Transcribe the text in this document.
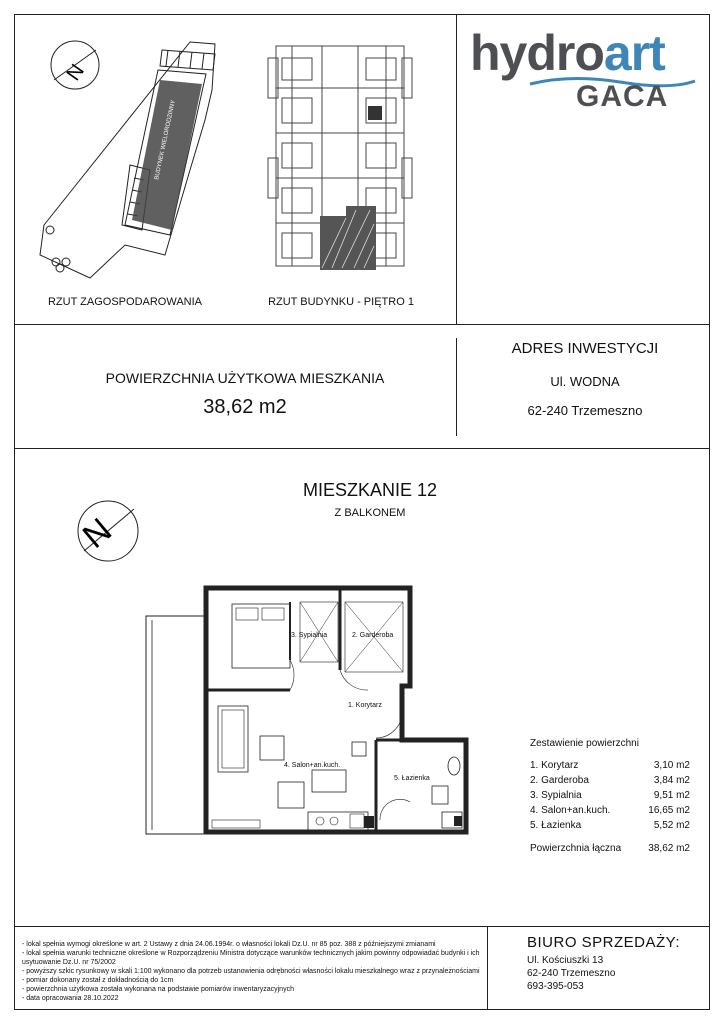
hydroart
GACA
N
BUDYNEK WIELORODZINNY
RZUT ZAGOSPODAROWANIA	RZUT BUDYNKU - PIĘTRO 1
POWIERZCHNIA UŻYTKOWA MIESZKANIA
38,62 m2
ADRES INWESTYCJI
Ul. WODNA
62-240 Trzemeszno
MIESZKANIE 12
Z BALKONEM
N
3. Sypialnia	2. Garderoba
1. Korytarz
4. Salon+an.kuch.
5. Łazienka
Zestawienie powierzchni
1. Korytarz	3,10 m2
2. Garderoba	3,84 m2
3. Sypialnia	9,51 m2
4. Salon+an.kuch.	16,65 m2
5. Łazienka	5,52 m2
Powierzchnia łączna	38,62 m2
- lokal spełnia wymogi określone w art. 2 Ustawy z dnia 24.06.1994r. o własności lokali Dz.U. nr 85 poz. 388 z późniejszymi zmianami
- lokal spełnia warunki techniczne określone w Rozporządzeniu Ministra dotyczące warunków technicznych jakim powinny odpowiadać budynki i ich
usytuowanie Dz.U. nr 75/2002
- powyższy szkic rysunkowy w skali 1:100 wykonano dla potrzeb ustanowienia odrębności własności lokalu mieszkalnego wraz z przynależnościami
- pomiar dokonany został z dokładnością do 1cm
- powierzchnia użytkowa została wykonana na podstawie pomiarów inwentaryzacyjnych
- data opracowania 28.10.2022
BIURO SPRZEDAŻY:
Ul. Kościuszki 13
62-240 Trzemeszno
693-395-053
